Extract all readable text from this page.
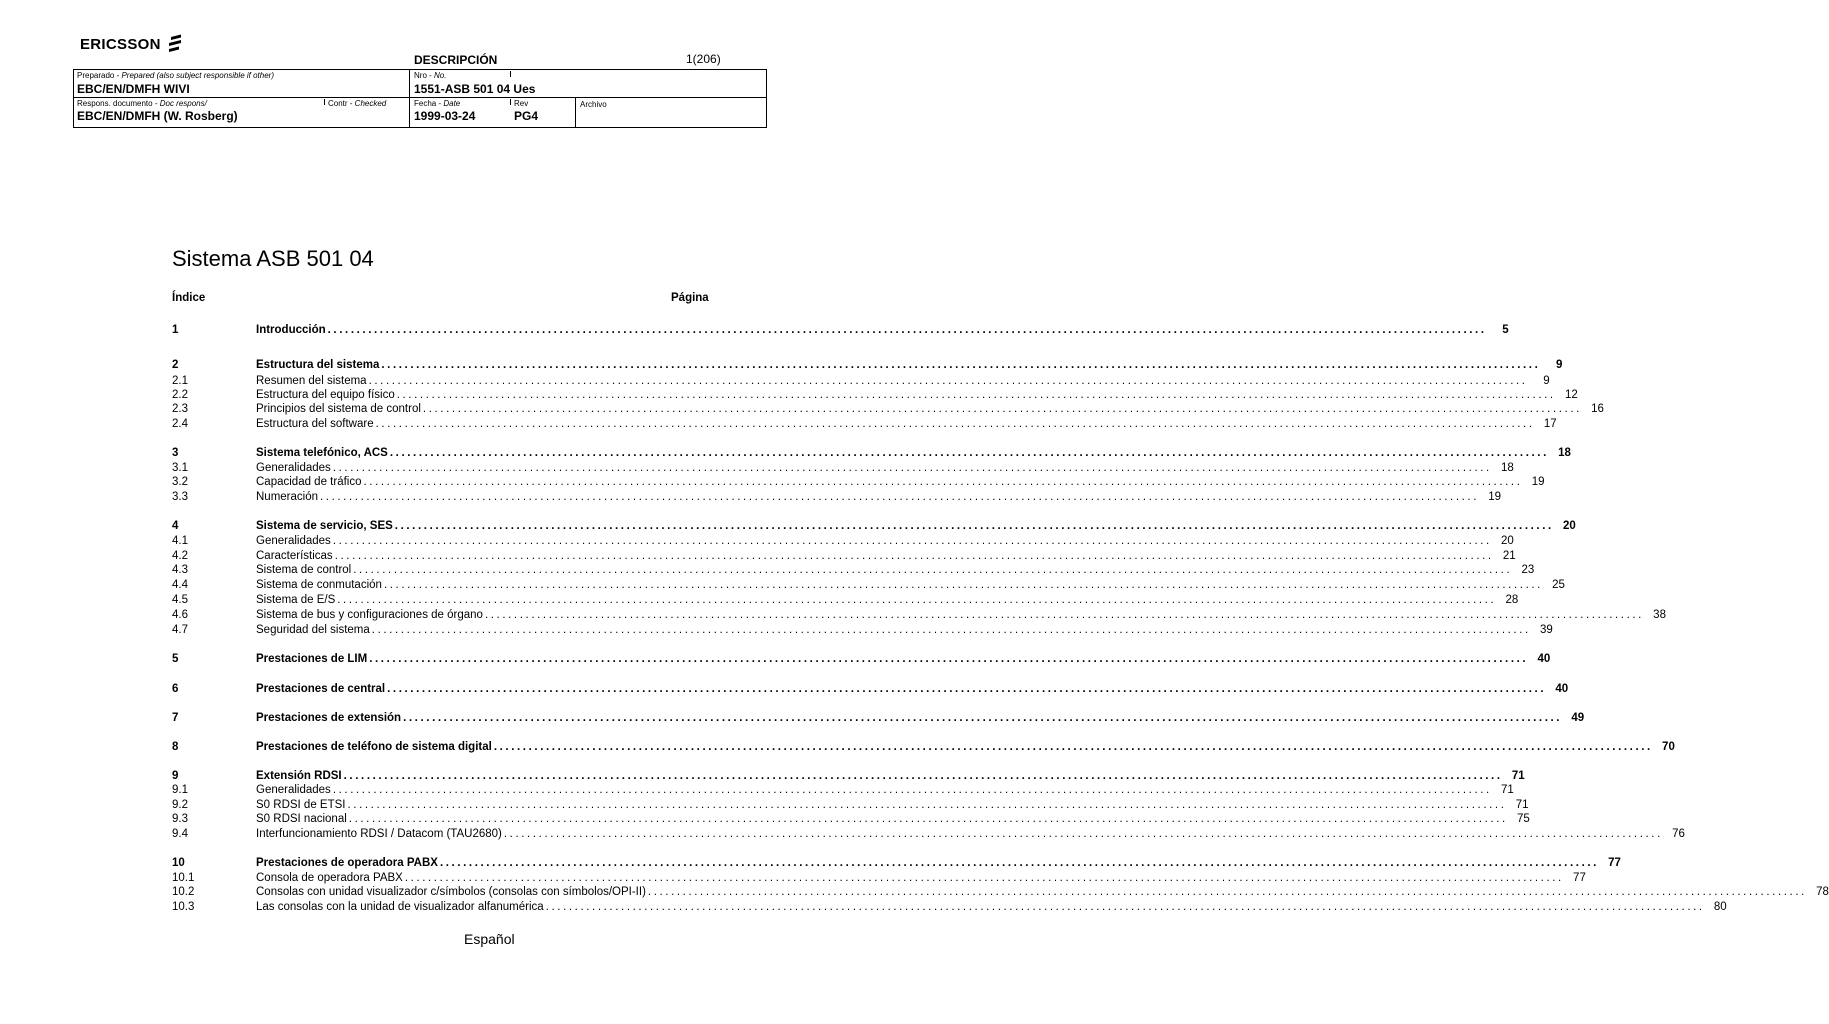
ERICSSON
DESCRIPCIÓN	1(206)
Preparado - Prepared (also subject responsible if other)
EBC/EN/DMFH WIVI
Nro - No.
1551-ASB 501 04 Ues
Respons. documento - Doc respons/	Contr - Checked
EBC/EN/DMFH (W. Rosberg)
Fecha - Date
1999-03-24
Rev
PG4
Archivo
Sistema ASB 501 04
Índice	Página
1	Introducción ........................................................................................................................................................................................................	5
2	Estructura del sistema ........................................................................................................................................................................................................	9
2.1	Resumen del sistema ........................................................................................................................................................................................................	9
2.2	Estructura del equipo físico ........................................................................................................................................................................................................ 12
2.3	Principios del sistema de control ........................................................................................................................................................................................................ 16
2.4	Estructura del software ........................................................................................................................................................................................................ 17
3	Sistema telefónico, ACS ........................................................................................................................................................................................................ 18
3.1	Generalidades ........................................................................................................................................................................................................ 18
3.2	Capacidad de tráfico ........................................................................................................................................................................................................ 19
3.3	Numeración ........................................................................................................................................................................................................ 19
4	Sistema de servicio, SES ........................................................................................................................................................................................................ 20
4.1	Generalidades ........................................................................................................................................................................................................ 20
4.2	Características ........................................................................................................................................................................................................ 21
4.3	Sistema de control ........................................................................................................................................................................................................ 23
4.4	Sistema de conmutación ........................................................................................................................................................................................................ 25
4.5	Sistema de E/S ........................................................................................................................................................................................................ 28
4.6	Sistema de bus y configuraciones de órgano ........................................................................................................................................................................................................ 38
4.7	Seguridad del sistema ........................................................................................................................................................................................................ 39
5	Prestaciones de LIM ........................................................................................................................................................................................................ 40
6	Prestaciones de central ........................................................................................................................................................................................................ 40
7	Prestaciones de extensión ........................................................................................................................................................................................................ 49
8	Prestaciones de teléfono de sistema digital ........................................................................................................................................................................................................ 70
9	Extensión RDSI ........................................................................................................................................................................................................ 71
9.1	Generalidades ........................................................................................................................................................................................................ 71
9.2	S0 RDSI de ETSI ........................................................................................................................................................................................................ 71
9.3	S0 RDSI nacional ........................................................................................................................................................................................................ 75
9.4	Interfuncionamiento RDSI / Datacom (TAU2680) ........................................................................................................................................................................................................ 76
10	Prestaciones de operadora PABX ........................................................................................................................................................................................................ 77
10.1	Consola de operadora PABX ........................................................................................................................................................................................................ 77
10.2	Consolas con unidad visualizador c/símbolos (consolas con símbolos/OPI-II) ........................................................................................................................................................................................................ 78
10.3	Las consolas con la unidad de visualizador alfanumérica ........................................................................................................................................................................................................ 80
Español
